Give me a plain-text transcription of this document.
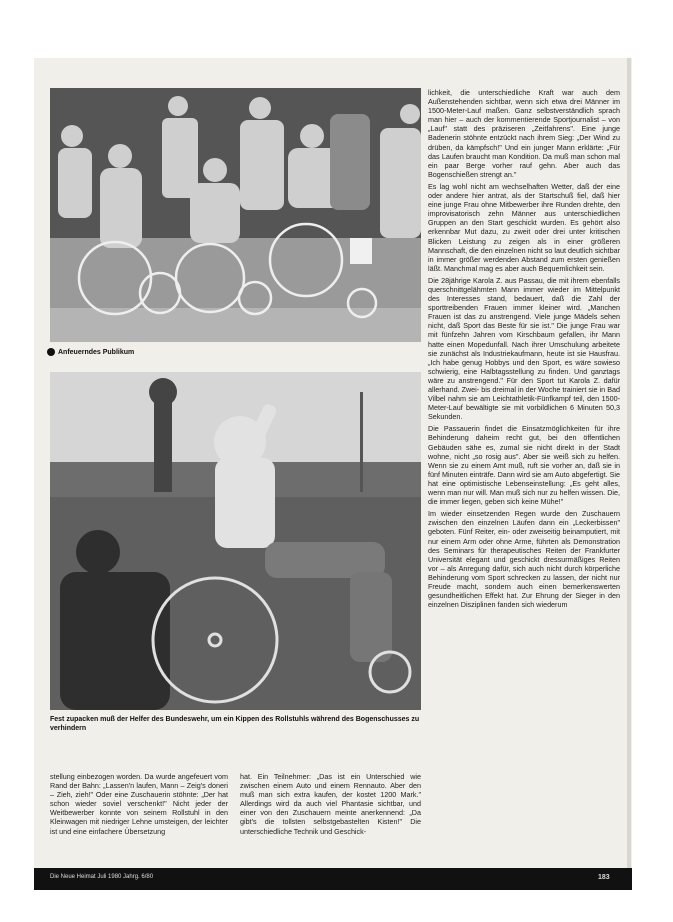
Anfeuerndes Publikum
Fest zupacken muß der Helfer des Bundeswehr, um ein Kippen des Rollstuhls während des Bogenschusses zu verhindern

lichkeit, die unterschiedliche Kraft war auch dem Außenstehenden sichtbar, wenn sich etwa drei Männer im 1500-Meter-Lauf maßen. Ganz selbstverständlich sprach man hier – auch der kommentierende Sportjournalist – von „Lauf" statt des präziseren „Zeitfahrens". Eine junge Badenerin stöhnte entzückt nach ihrem Sieg: „Der Wind zu drüben, da kämpfsch!" Und ein junger Mann erklärte: „Für das Laufen braucht man Kondition. Da muß man schon mal ein paar Berge vorher rauf gehn. Aber auch das Bogenschießen strengt an."

Es lag wohl nicht am wechselhaften Wetter, daß der eine oder andere hier antrat, als der Startschuß fiel, daß hier eine junge Frau ohne Mitbewerber ihre Runden drehte, den improvisatorisch zehn Männer aus unterschiedlichen Gruppen an den Start geschickt wurden. Es gehört also erkennbar Mut dazu, zu zweit oder drei unter kritischen Blicken Leistung zu zeigen als in einer größeren Mannschaft, die den einzelnen nicht so laut deutlich sichtbar in immer größer werdenden Abstand zum ersten genießen läßt. Manchmal mag es aber auch Bequemlichkeit sein.

Die 28jährige Karola Z. aus Passau, die mit ihrem ebenfalls querschnittgelähmten Mann immer wieder im Mittelpunkt des Interesses stand, bedauert, daß die Zahl der sporttreibenden Frauen immer kleiner wird. „Manchen Frauen ist das zu anstrengend. Viele junge Mädels sehen nicht, daß Sport das Beste für sie ist." Die junge Frau war mit fünfzehn Jahren vom Kirschbaum gefallen, ihr Mann hatte einen Mopedunfall. Nach ihrer Umschulung arbeitete sie zunächst als Industriekaufmann, heute ist sie Hausfrau. „Ich habe genug Hobbys und den Sport, es wäre sowieso schwierig, eine Halbtagsstellung zu finden. Und ganztags wäre zu anstrengend." Für den Sport tut Karola Z. dafür allerhand. Zwei- bis dreimal in der Woche trainiert sie in Bad Vilbel nahm sie am Leichtathletik-Fünfkampf teil, den 1500-Meter-Lauf bewältigte sie mit vorbildlichen 6 Minuten 50,3 Sekunden.

Die Passauerin findet die Einsatzmöglichkeiten für ihre Behinderung daheim recht gut, bei den öffentlichen Gebäuden sähe es, zumal sie nicht direkt in der Stadt wohne, nicht „so rosig aus". Aber sie weiß sich zu helfen. Wenn sie zu einem Amt muß, ruft sie vorher an, daß sie in fünf Minuten einträfe. Dann wird sie am Auto abgefertigt. Sie hat eine optimistische Lebenseinstellung: „Es geht alles, wenn man nur will. Man muß sich nur zu helfen wissen. Die, die immer liegen, geben sich keine Mühe!"

Im wieder einsetzenden Regen wurde den Zuschauern zwischen den einzelnen Läufen dann ein „Leckerbissen" geboten. Fünf Reiter, ein- oder zweiseitig beinamputiert, mit nur einem Arm oder ohne Arme, führten als Demonstration des Seminars für therapeutisches Reiten der Frankfurter Universität elegant und geschickt dressurmäßiges Reiten vor – als Anregung dafür, sich auch nicht durch körperliche Behinderung vom Sport schrecken zu lassen, der nicht nur Freude macht, sondern auch einen bemerkenswerten gesundheitlichen Effekt hat. Zur Ehrung der Sieger in den einzelnen Disziplinen fanden sich wiederum

stellung einbezogen worden. Da wurde angefeuert vom Rand der Bahn: „Lassen'n laufen, Mann – Zeig's doneri – Zieh, zieh!" Oder eine Zuschauerin stöhnte: „Der hat schon wieder soviel verschenkt!" Nicht jeder der Weitbewerber konnte von seinem Rollstuhl in den Kleinwagen mit niedriger Lehne umsteigen, der leichter ist und eine einfachere Übersetzung
hat. Ein Teilnehmer: „Das ist ein Unterschied wie zwischen einem Auto und einem Rennauto. Aber den muß man sich extra kaufen, der kostet 1200 Mark." Allerdings wird da auch viel Phantasie sichtbar, und einer von den Zuschauern meinte anerkennend: „Da gibt's die tollsten selbstgebastelten Kisten!" Die unterschiedliche Technik und Geschick-
Die Neue Heimat Juli 1980 Jahrg. 6/80	183
